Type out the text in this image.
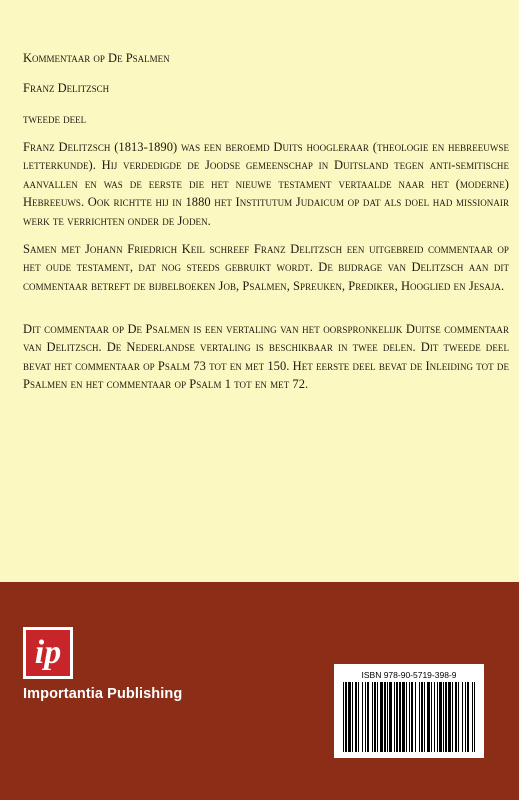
Kommentaar op De Psalmen

Franz Delitzsch

tweede deel

Franz Delitzsch (1813-1890) was een beroemd Duits hoogleraar (theologie en hebreeuwse letterkunde). Hij verdedigde de Joodse gemeenschap in Duitsland tegen anti-semitische aanvallen en was de eerste die het nieuwe testament vertaalde naar het (moderne) Hebreeuws. Ook richtte hij in 1880 het Institutum Judaicum op dat als doel had missionair werk te verrichten onder de Joden.

Samen met Johann Friedrich Keil schreef Franz Delitzsch een uitgebreid commentaar op het oude testament, dat nog steeds gebruikt wordt. De bijdrage van Delitzsch aan dit commentaar betreft de bijbelboeken Job, Psalmen, Spreuken, Prediker, Hooglied en Jesaja.

Dit commentaar op De Psalmen is een vertaling van het oorspronkelijk Duitse commentaar van Delitzsch. De Nederlandse vertaling is beschikbaar in twee delen. Dit tweede deel bevat het commentaar op Psalm 73 tot en met 150. Het eerste deel bevat de Inleiding tot de Psalmen en het commentaar op Psalm 1 tot en met 72.

ip
Importantia Publishing
ISBN 978-90-5719-398-9
